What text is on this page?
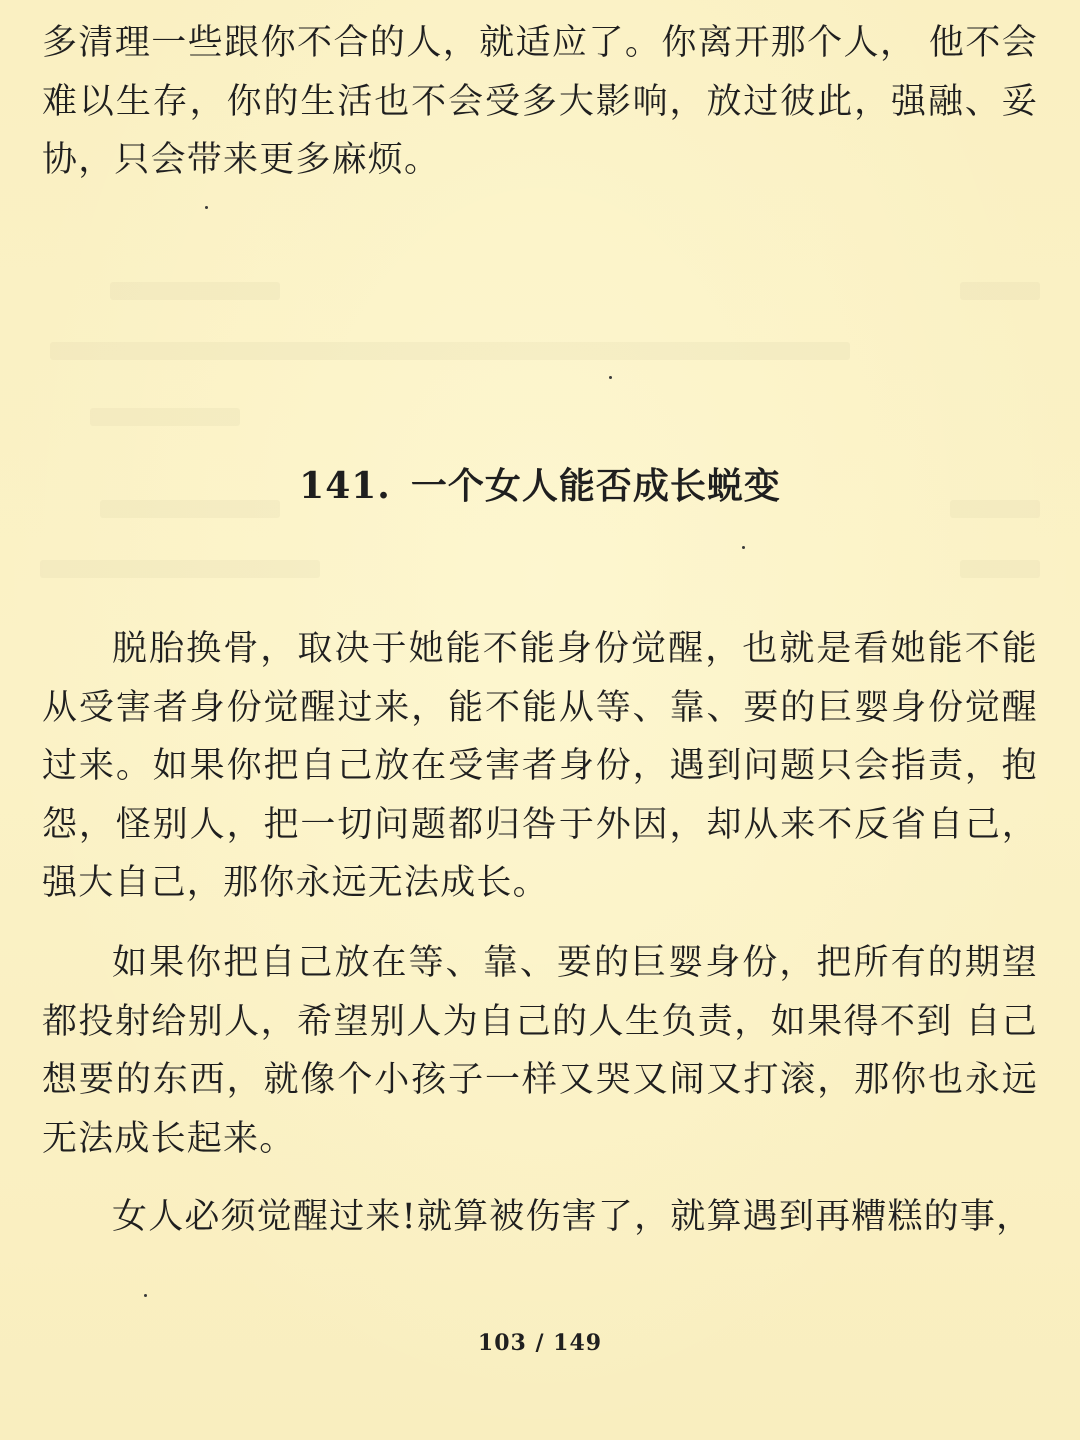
多清理一些跟你不合的人，就适应了。你离开那个人， 他不会难以生存，你的生活也不会受多大影响，放过彼此，强融、妥协，只会带来更多麻烦。

141. 一个女人能否成长蜕变

脱胎换骨，取决于她能不能身份觉醒，也就是看她能不能从受害者身份觉醒过来，能不能从等、靠、要的巨婴身份觉醒过来。如果你把自己放在受害者身份，遇到问题只会指责，抱怨，怪别人，把一切问题都归咎于外因，却从来不反省自己，强大自己，那你永远无法成长。

如果你把自己放在等、靠、要的巨婴身份，把所有的期望都投射给别人，希望别人为自己的人生负责，如果得不到 自己想要的东西，就像个小孩子一样又哭又闹又打滚，那你也永远无法成长起来。

女人必须觉醒过来!就算被伤害了，就算遇到再糟糕的事，

103 / 149
